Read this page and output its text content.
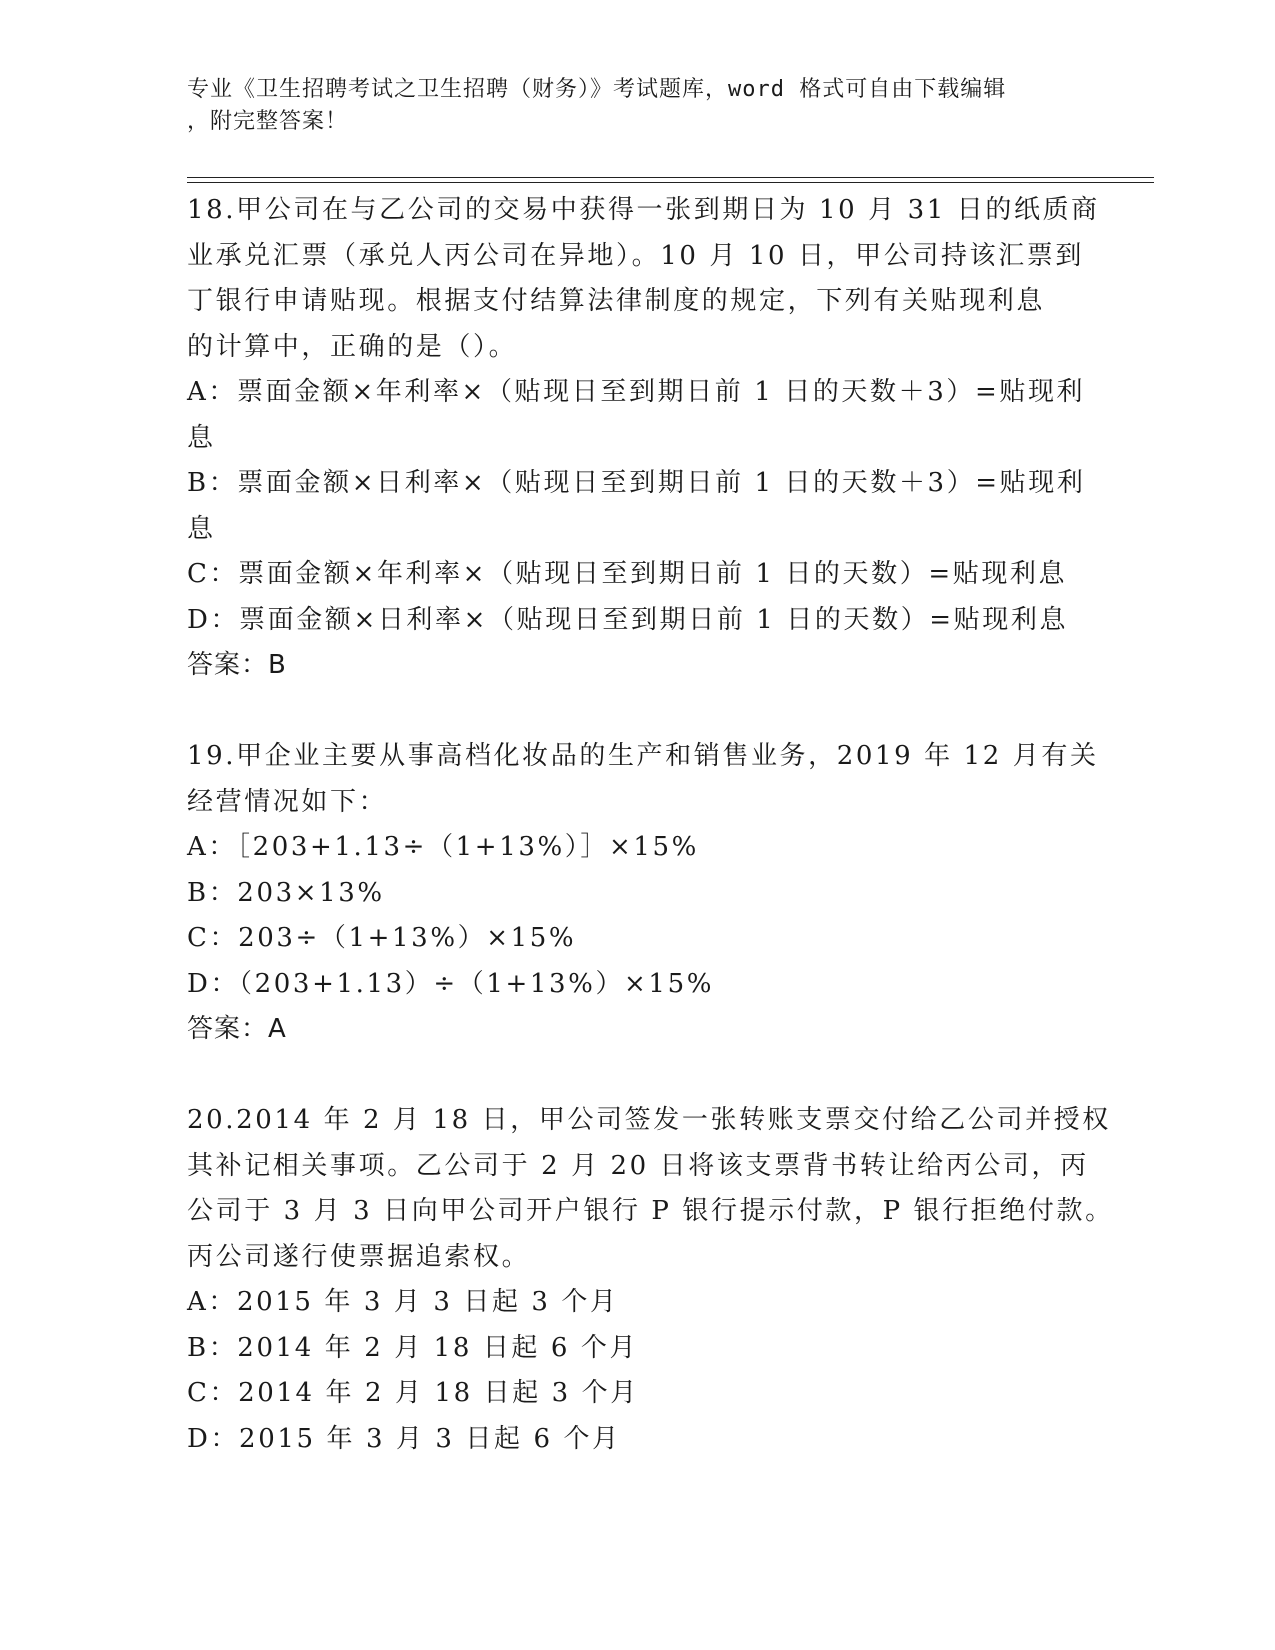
专业《卫生招聘考试之卫生招聘（财务）》考试题库，word 格式可自由下载编辑
，附完整答案！
18.甲公司在与乙公司的交易中获得一张到期日为 10 月 31 日的纸质商
业承兑汇票（承兑人丙公司在异地）。10 月 10 日，甲公司持该汇票到
丁银行申请贴现。根据支付结算法律制度的规定，下列有关贴现利息
的计算中，正确的是（）。
A：票面金额×年利率×（贴现日至到期日前 1 日的天数＋3）=贴现利
息
B：票面金额×日利率×（贴现日至到期日前 1 日的天数＋3）=贴现利
息
C：票面金额×年利率×（贴现日至到期日前 1 日的天数）=贴现利息
D：票面金额×日利率×（贴现日至到期日前 1 日的天数）=贴现利息
答案：B
19.甲企业主要从事高档化妆品的生产和销售业务，2019 年 12 月有关
经营情况如下：
A：［203+1.13÷（1+13%）］×15%
B：203×13%
C：203÷（1+13%）×15%
D：（203+1.13）÷（1+13%）×15%
答案：A
20.2014 年 2 月 18 日，甲公司签发一张转账支票交付给乙公司并授权
其补记相关事项。乙公司于 2 月 20 日将该支票背书转让给丙公司，丙
公司于 3 月 3 日向甲公司开户银行 P 银行提示付款，P 银行拒绝付款。
丙公司遂行使票据追索权。
A：2015 年 3 月 3 日起 3 个月
B：2014 年 2 月 18 日起 6 个月
C：2014 年 2 月 18 日起 3 个月
D：2015 年 3 月 3 日起 6 个月
